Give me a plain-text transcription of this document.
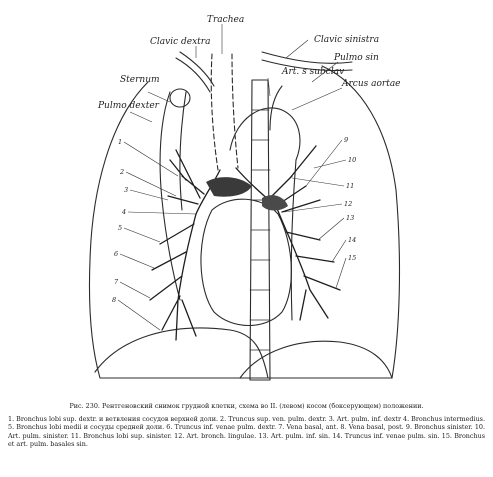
Trachea
Clavic dextra	Clavic sinistra
Pulmo sin
Sternum
Art. s subclav
Arcus aortae
Pulmo dexter
1
2
3
4
5
6
7
8
9
10
11
12
13
14
15
Рис. 230. Рентгеновский снимок грудной клетки, схема во II. (левом) косом (боксерующем) положении.
1. Bronchus lobi sup. dextr. и ветвления сосудов верхней доли. 2. Truncus sup. ven. pulm. dextr. 3. Art. pulm. inf. dextr 4. Bronchus intermedius. 5. Bronchus lobi medii и сосуды средней доли. 6. Truncus inf. venae pulm. dextr. 7. Vena basal, ant. 8. Vena basal, post. 9. Bronchus sinister. 10. Art. pulm. sinister. 11. Bronchus lobi sup. sinister. 12. Art. bronch. lingulae. 13. Art. pulm. inf. sin. 14. Truncus inf. venae pulm. sin. 15. Bronchus et art. pulm. basales sin.
